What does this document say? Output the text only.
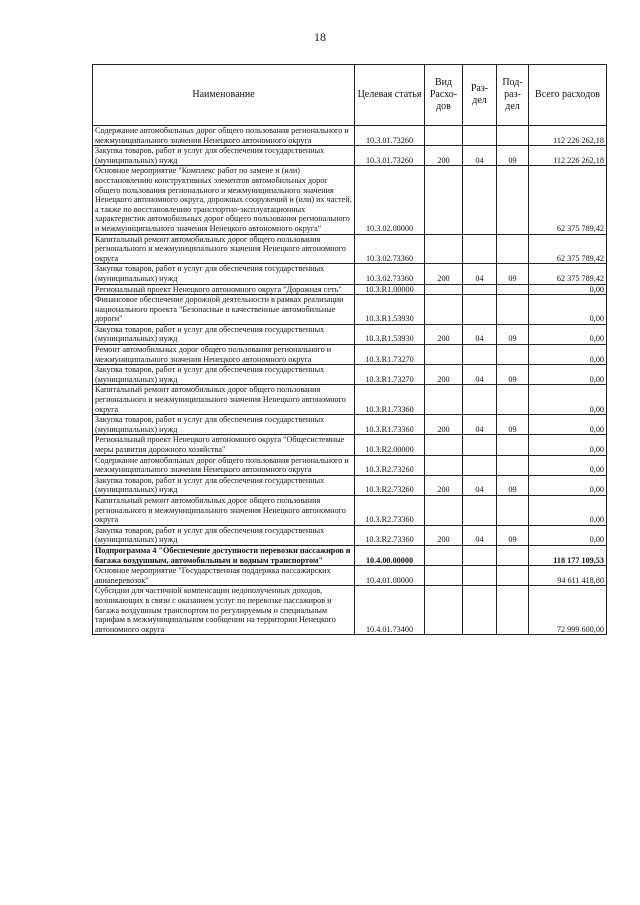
18
Наименование	Целевая статья	Вид Расхо-дов	Раз-дел	Под-раз-дел	Всего расходов
Содержание автомобильных дорог общего пользования регионального и межмуниципального значения Ненецкого автономного округа	10.3.01.73260				112 226 262,18
Закупка товаров, работ и услуг для обеспечения государственных (муниципальных) нужд	10.3.01.73260	200	04	09	112 226 262,18
Основное мероприятие "Комплекс работ по замене и (или) восстановлению конструктивных элементов автомобильных дорог общего пользования регионального и межмуниципального значения Ненецкого автономного округа, дорожных сооружений и (или) их частей, а также по восстановлению транспортно-эксплуатационных характеристик автомобильных дорог общего пользования регионального и межмуниципального значения Ненецкого автономного округа"	10.3.02.00000				62 375 789,42
Капитальный ремонт автомобильных дорог общего пользования регионального и межмуниципального значения Ненецкого автономного округа	10.3.02.73360				62 375 789,42
Закупка товаров, работ и услуг для обеспечения государственных (муниципальных) нужд	10.3.02.73360	200	04	09	62 375 789,42
Региональный проект Ненецкого автономного округа "Дорожная сеть"	10.3.R1.00000				0,00
Финансовое обеспечение дорожной деятельности в рамках реализации национального проекта "Безопасные и качественные автомобильные дороги"	10.3.R1.53930				0,00
Закупка товаров, работ и услуг для обеспечения государственных (муниципальных) нужд	10.3.R1.53930	200	04	09	0,00
Ремонт автомобильных дорог общего пользования регионального и межмуниципального значения Ненецкого автономного округа	10.3.R1.73270				0,00
Закупка товаров, работ и услуг для обеспечения государственных (муниципальных) нужд	10.3.R1.73270	200	04	09	0,00
Капитальный ремонт автомобильных дорог общего пользования регионального и межмуниципального значения Ненецкого автономного округа	10.3.R1.73360				0,00
Закупка товаров, работ и услуг для обеспечения государственных (муниципальных) нужд	10.3.R1.73360	200	04	09	0,00
Региональный проект Ненецкого автономного округа "Общесистемные меры развития дорожного хозяйства"	10.3.R2.00000				0,00
Содержание автомобильных дорог общего пользования регионального и межмуниципального значения Ненецкого автономного округа	10.3.R2.73260				0,00
Закупка товаров, работ и услуг для обеспечения государственных (муниципальных) нужд	10.3.R2.73260	200	04	09	0,00
Капитальный ремонт автомобильных дорог общего пользования регионального и межмуниципального значения Ненецкого автономного округа	10.3.R2.73360				0,00
Закупка товаров, работ и услуг для обеспечения государственных (муниципальных) нужд	10.3.R2.73360	200	04	09	0,00
Подпрограмма 4 "Обеспечение доступности перевозки пассажиров и багажа воздушным, автомобильным и водным транспортом"	10.4.00.00000				118 177 109,53
Основное мероприятие "Государственная поддержка пассажирских авиаперевозок"	10.4.01.00000				94 611 418,80
Субсидии для частичной компенсации недополученных доходов, возникающих в связи с оказанием услуг по перевозке пассажиров и багажа воздушным транспортом по регулируемым и специальным тарифам в межмуниципальном сообщении на территории Ненецкого автономного округа	10.4.01.73400				72 999 600,00
